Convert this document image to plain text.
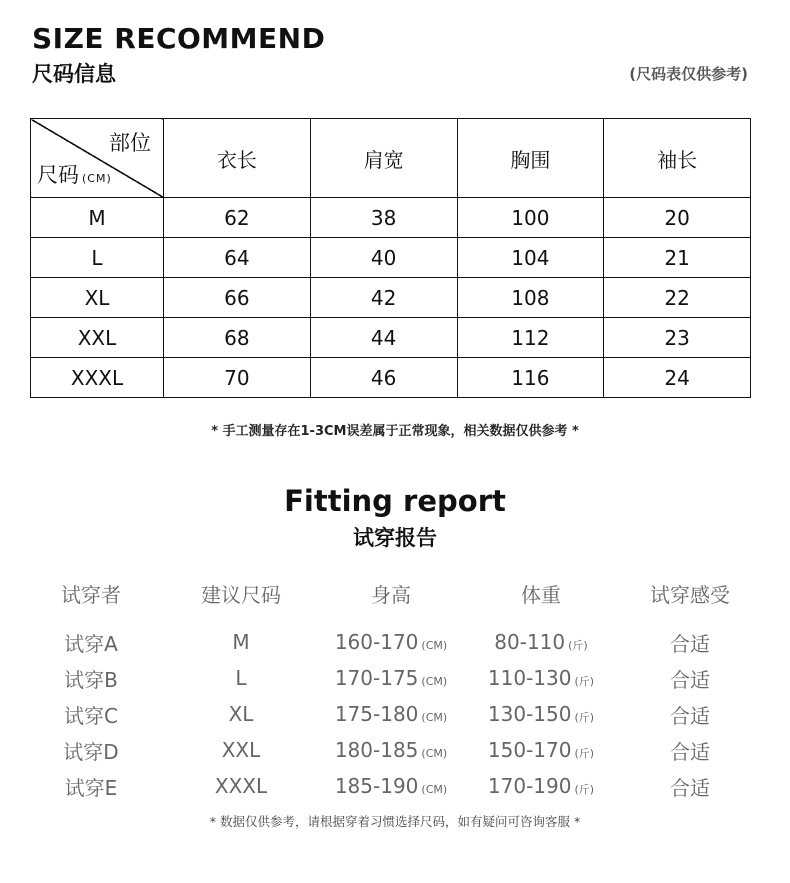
SIZE RECOMMEND
尺码信息	(尺码表仅供参考)
部位
尺码 (CM)	衣长	肩宽	胸围	袖长
M	62	38	100	20
L	64	40	104	21
XL	66	42	108	22
XXL	68	44	112	23
XXXL	70	46	116	24
* 手工测量存在1-3CM误差属于正常现象，相关数据仅供参考 *
Fitting report
试穿报告
试穿者	建议尺码	身高	体重	试穿感受
试穿A	M	160-170 (CM)	80-110 (斤)	合适
试穿B	L	170-175 (CM)	110-130 (斤)	合适
试穿C	XL	175-180 (CM)	130-150 (斤)	合适
试穿D	XXL	180-185 (CM)	150-170 (斤)	合适
试穿E	XXXL	185-190 (CM)	170-190 (斤)	合适
* 数据仅供参考，请根据穿着习惯选择尺码，如有疑问可咨询客服 *
